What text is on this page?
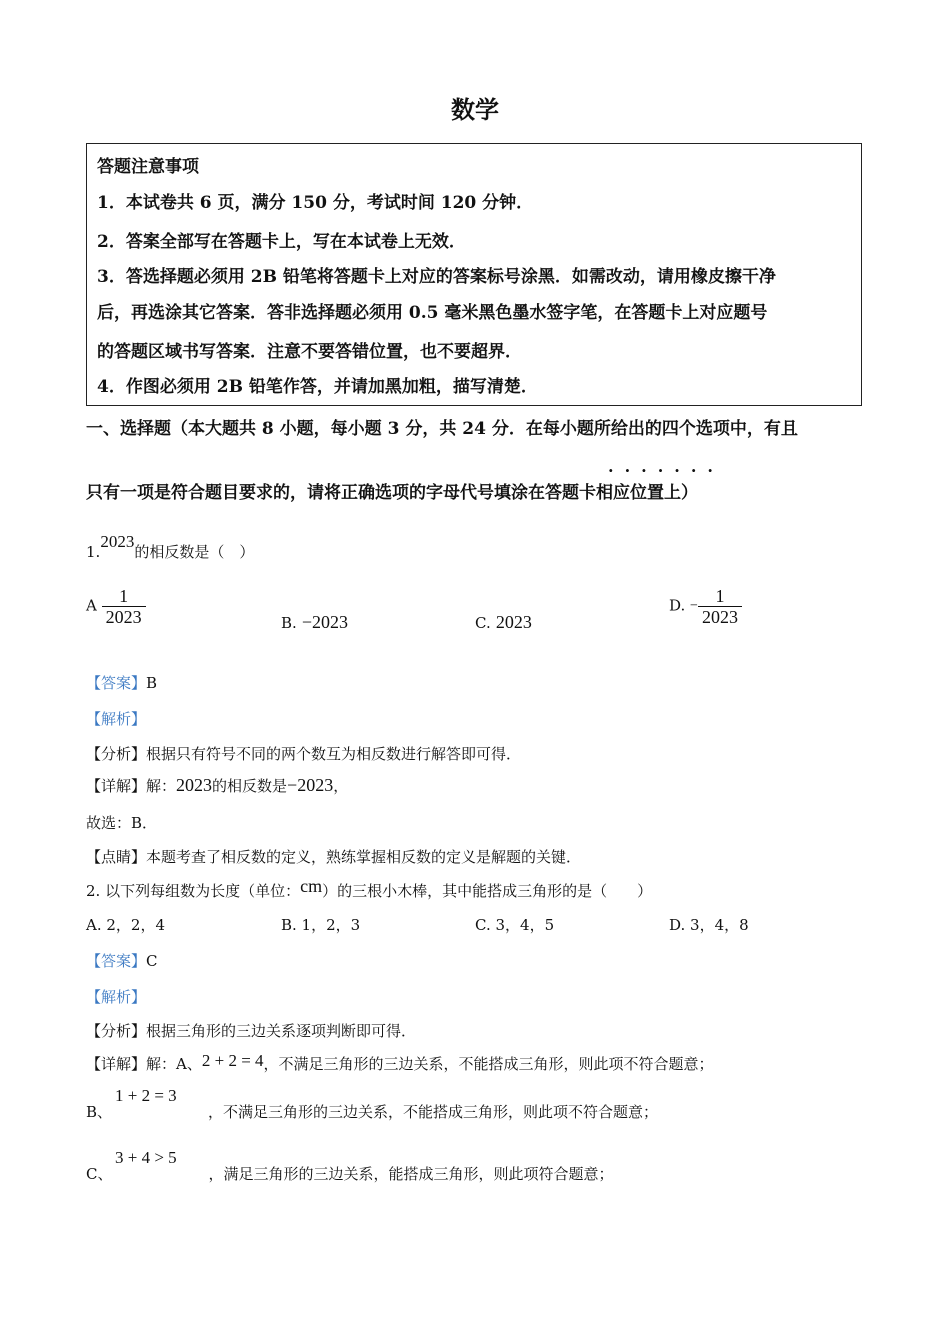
数学
答题注意事项
1．本试卷共 6 页，满分 150 分，考试时间 120 分钟．
2．答案全部写在答题卡上，写在本试卷上无效．
3．答选择题必须用 2B 铅笔将答题卡上对应的答案标号涂黑．如需改动，请用橡皮擦干净
后，再选涂其它答案．答非选择题必须用 0.5 毫米黑色墨水签字笔，在答题卡上对应题号
的答题区域书写答案．注意不要答错位置，也不要超界．
4．作图必须用 2B 铅笔作答，并请加黑加粗，描写清楚．
一、选择题（本大题共 8 小题，每小题 3 分，共 24 分．在每小题所给出的四个选项中，有且
·······
只有一项是符合题目要求的，请将正确选项的字母代号填涂在答题卡相应位置上）
1.2023的相反数是（　）
A $\frac{1}{2023}$	B. −2023	C. 2023
D. − $\frac{1}{2023}$
【答案】B
【解析】
【分析】根据只有符号不同的两个数互为相反数进行解答即可得．
【详解】解：2023的相反数是−2023，
故选：B．
【点睛】本题考查了相反数的定义，熟练掌握相反数的定义是解题的关键．
2. 以下列每组数为长度（单位：cm）的三根小木棒，其中能搭成三角形的是（　　）
A. 2，2，4	B. 1，2，3	C. 3，4，5	D. 3，4，8
【答案】C
【解析】
【分析】根据三角形的三边关系逐项判断即可得．
【详解】解：A、2 + 2 = 4，不满足三角形的三边关系，不能搭成三角形，则此项不符合题意；
1 + 2 = 3
B、	，不满足三角形的三边关系，不能搭成三角形，则此项不符合题意；
3 + 4 > 5
C、	，满足三角形的三边关系，能搭成三角形，则此项符合题意；
